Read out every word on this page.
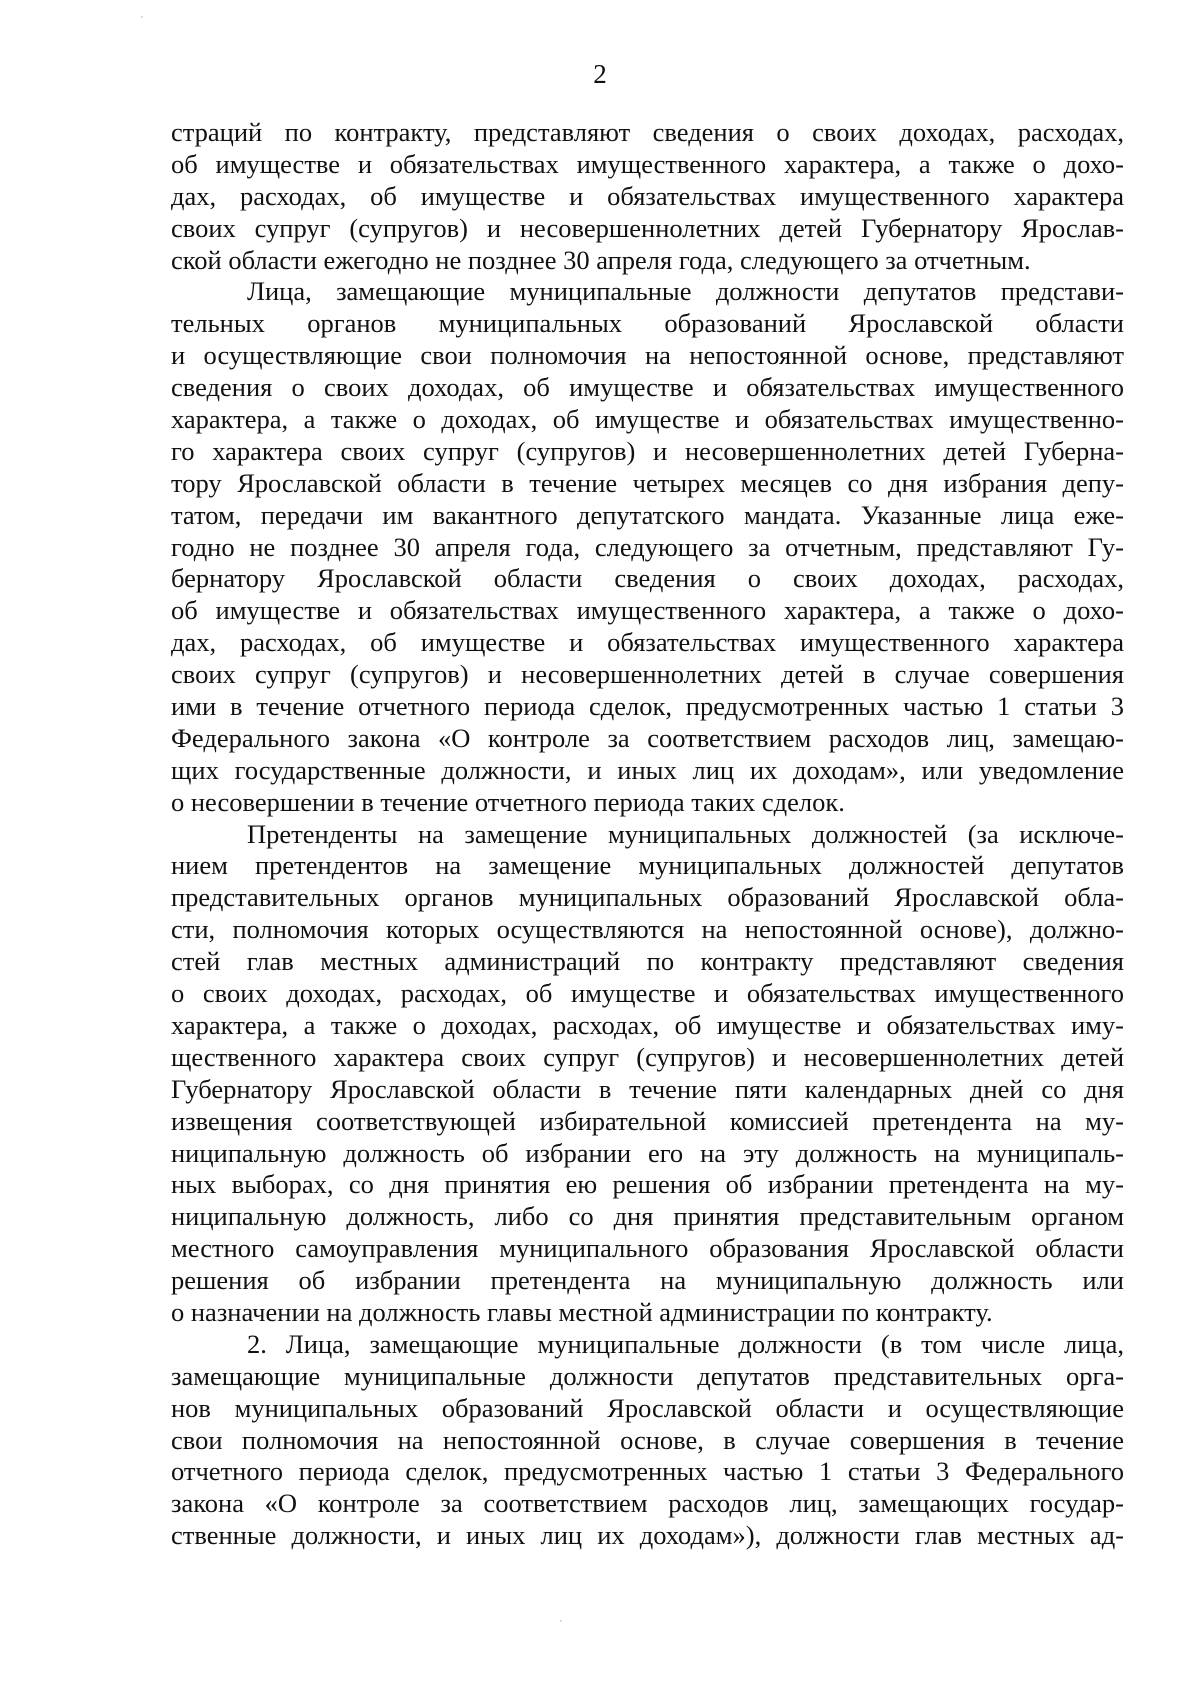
2
страций по контракту, представляют сведения о своих доходах, расходах,
об имуществе и обязательствах имущественного характера, а также о дохо-
дах, расходах, об имуществе и обязательствах имущественного характера
своих супруг (супругов) и несовершеннолетних детей Губернатору Ярослав-
ской области ежегодно не позднее 30 апреля года, следующего за отчетным.
Лица, замещающие муниципальные должности депутатов представи-
тельных органов муниципальных образований Ярославской области
и осуществляющие свои полномочия на непостоянной основе, представляют
сведения о своих доходах, об имуществе и обязательствах имущественного
характера, а также о доходах, об имуществе и обязательствах имущественно-
го характера своих супруг (супругов) и несовершеннолетних детей Губерна-
тору Ярославской области в течение четырех месяцев со дня избрания депу-
татом, передачи им вакантного депутатского мандата. Указанные лица еже-
годно не позднее 30 апреля года, следующего за отчетным, представляют Гу-
бернатору Ярославской области сведения о своих доходах, расходах,
об имуществе и обязательствах имущественного характера, а также о дохо-
дах, расходах, об имуществе и обязательствах имущественного характера
своих супруг (супругов) и несовершеннолетних детей в случае совершения
ими в течение отчетного периода сделок, предусмотренных частью 1 статьи 3
Федерального закона «О контроле за соответствием расходов лиц, замещаю-
щих государственные должности, и иных лиц их доходам», или уведомление
о несовершении в течение отчетного периода таких сделок.
Претенденты на замещение муниципальных должностей (за исключе-
нием претендентов на замещение муниципальных должностей депутатов
представительных органов муниципальных образований Ярославской обла-
сти, полномочия которых осуществляются на непостоянной основе), должно-
стей глав местных администраций по контракту представляют сведения
о своих доходах, расходах, об имуществе и обязательствах имущественного
характера, а также о доходах, расходах, об имуществе и обязательствах иму-
щественного характера своих супруг (супругов) и несовершеннолетних детей
Губернатору Ярославской области в течение пяти календарных дней со дня
извещения соответствующей избирательной комиссией претендента на му-
ниципальную должность об избрании его на эту должность на муниципаль-
ных выборах, со дня принятия ею решения об избрании претендента на му-
ниципальную должность, либо со дня принятия представительным органом
местного самоуправления муниципального образования Ярославской области
решения об избрании претендента на муниципальную должность или
о назначении на должность главы местной администрации по контракту.
2. Лица, замещающие муниципальные должности (в том числе лица,
замещающие муниципальные должности депутатов представительных орга-
нов муниципальных образований Ярославской области и осуществляющие
свои полномочия на непостоянной основе, в случае совершения в течение
отчетного периода сделок, предусмотренных частью 1 статьи 3 Федерального
закона «О контроле за соответствием расходов лиц, замещающих государ-
ственные должности, и иных лиц их доходам»), должности глав местных ад-
